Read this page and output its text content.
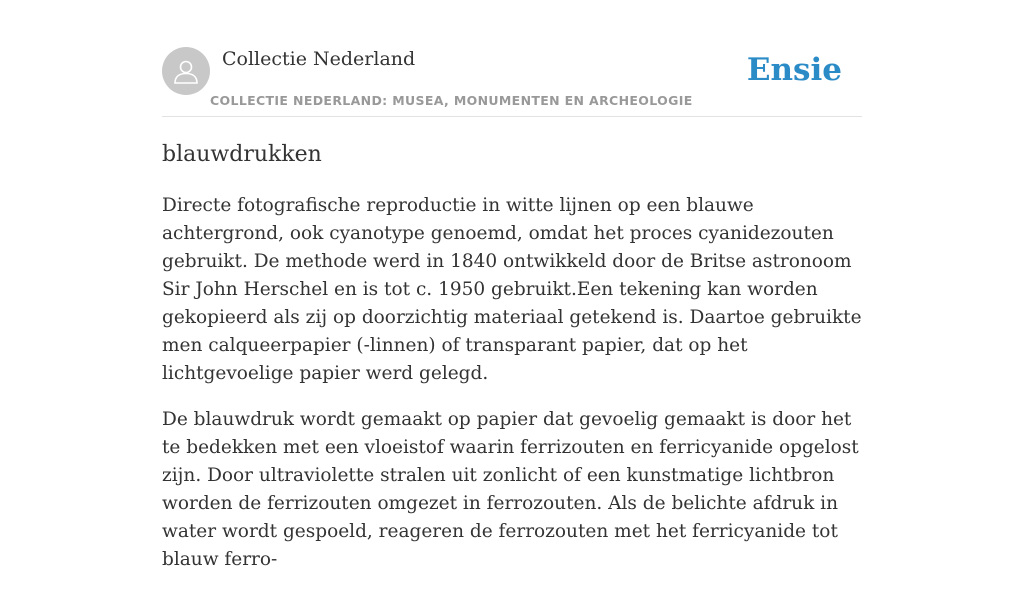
Collectie Nederland
COLLECTIE NEDERLAND: MUSEA, MONUMENTEN EN ARCHEOLOGIE
Ensie
blauwdrukken

Directe fotografische reproductie in witte lijnen op een blauwe achtergrond, ook cyanotype genoemd, omdat het proces cyanidezouten gebruikt. De methode werd in 1840 ontwikkeld door de Britse astronoom Sir John Herschel en is tot c. 1950 gebruikt.Een tekening kan worden gekopieerd als zij op doorzichtig materiaal getekend is. Daartoe gebruikte men calqueerpapier (-linnen) of transparant papier, dat op het lichtgevoelige papier werd gelegd.

De blauwdruk wordt gemaakt op papier dat gevoelig gemaakt is door het te bedekken met een vloeistof waarin ferrizouten en ferricyanide opgelost zijn. Door ultraviolette stralen uit zonlicht of een kunstmatige lichtbron worden de ferrizouten omgezet in ferrozouten. Als de belichte afdruk in water wordt gespoeld, reageren de ferrozouten met het ferricyanide tot blauw ferro-
